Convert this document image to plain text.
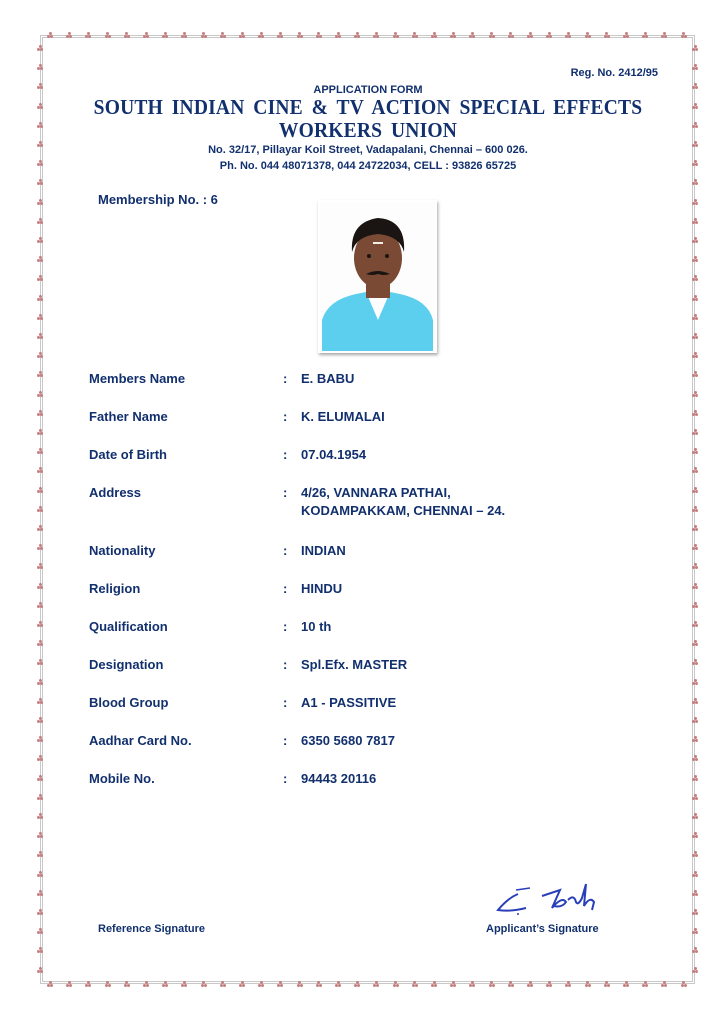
Reg. No. 2412/95
APPLICATION FORM
SOUTH INDIAN CINE & TV ACTION SPECIAL EFFECTS
WORKERS UNION
No. 32/17, Pillayar Koil Street, Vadapalani, Chennai – 600 026.
Ph. No. 044 48071378, 044 24722034, CELL : 93826 65725
Membership No. : 6
Members Name	: E. BABU
Father Name	: K. ELUMALAI
Date of Birth	: 07.04.1954
Address	: 4/26, VANNARA PATHAI,
KODAMPAKKAM, CHENNAI – 24.
Nationality	: INDIAN
Religion	: HINDU
Qualification	: 10 th
Designation	: Spl.Efx. MASTER
Blood Group	: A1 - PASSITIVE
Aadhar Card No.	: 6350 5680 7817
Mobile No.	: 94443 20116
Reference Signature	Applicant’s Signature
